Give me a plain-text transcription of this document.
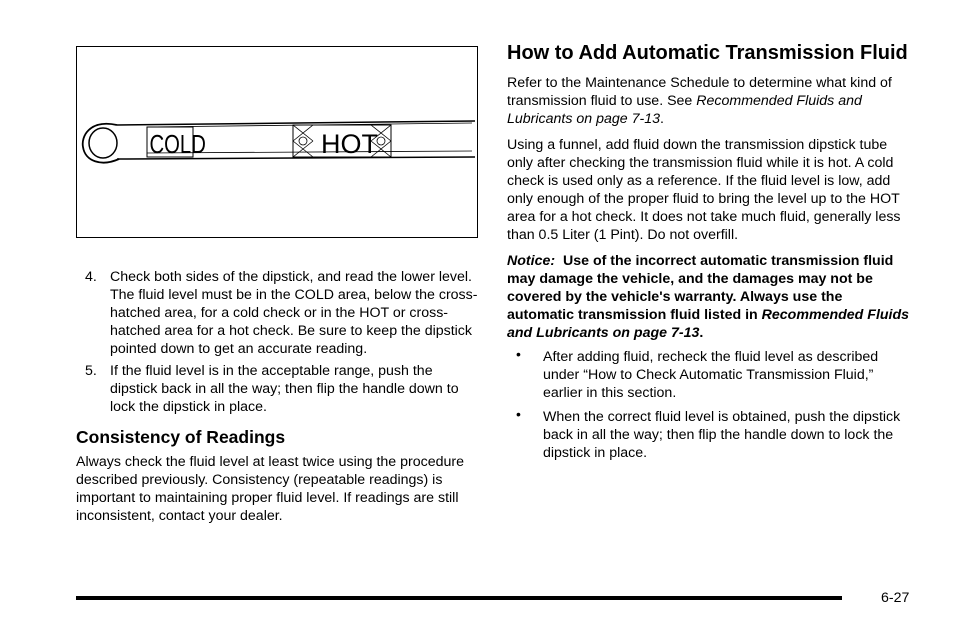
COLD	HOT
4. Check both sides of the dipstick, and read the lower level. The fluid level must be in the COLD area, below the cross-hatched area, for a cold check or in the HOT or cross-hatched area for a hot check. Be sure to keep the dipstick pointed down to get an accurate reading.
5. If the fluid level is in the acceptable range, push the dipstick back in all the way; then flip the handle down to lock the dipstick in place.
Consistency of Readings

Always check the fluid level at least twice using the procedure described previously. Consistency (repeatable readings) is important to maintaining proper fluid level. If readings are still inconsistent, contact your dealer.

How to Add Automatic Transmission Fluid

Refer to the Maintenance Schedule to determine what kind of transmission fluid to use. See Recommended Fluids and Lubricants on page 7-13.

Using a funnel, add fluid down the transmission dipstick tube only after checking the transmission fluid while it is hot. A cold check is used only as a reference. If the fluid level is low, add only enough of the proper fluid to bring the level up to the HOT area for a hot check. It does not take much fluid, generally less than 0.5 Liter (1 Pint). Do not overfill.

Notice: Use of the incorrect automatic transmission fluid may damage the vehicle, and the damages may not be covered by the vehicle's warranty. Always use the automatic transmission fluid listed in Recommended Fluids and Lubricants on page 7-13.

• After adding fluid, recheck the fluid level as described under “How to Check Automatic Transmission Fluid,” earlier in this section.
• When the correct fluid level is obtained, push the dipstick back in all the way; then flip the handle down to lock the dipstick in place.
6-27
